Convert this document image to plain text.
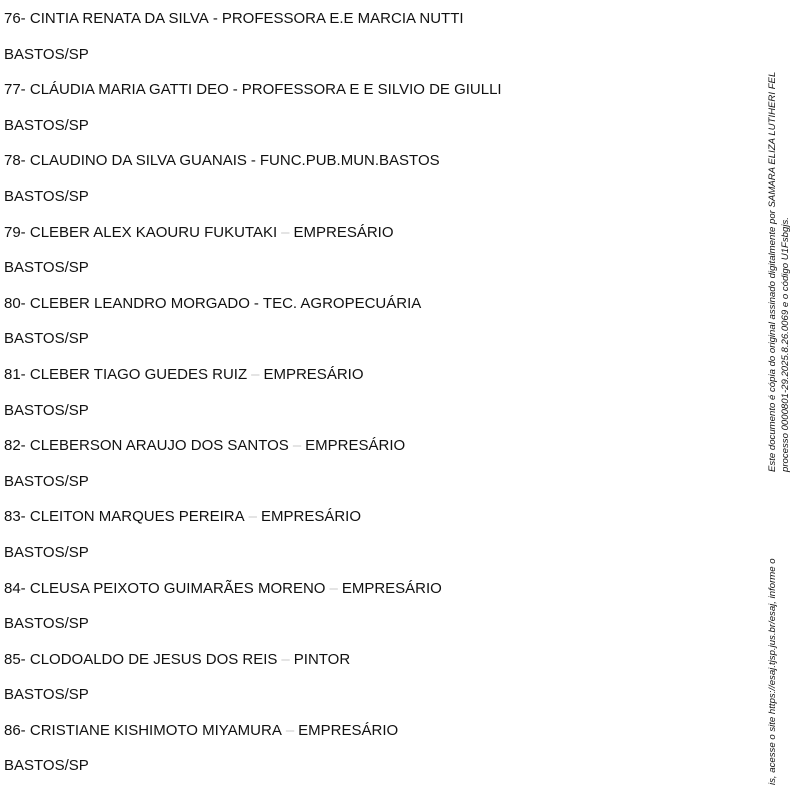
76- CINTIA RENATA DA SILVA - PROFESSORA E.E MARCIA NUTTI
BASTOS/SP
77- CLÁUDIA MARIA GATTI DEO - PROFESSORA E E SILVIO DE GIULLI
BASTOS/SP
78- CLAUDINO DA SILVA GUANAIS - FUNC.PUB.MUN.BASTOS
BASTOS/SP
79- CLEBER ALEX KAOURU FUKUTAKI – EMPRESÁRIO
BASTOS/SP
80- CLEBER LEANDRO MORGADO - TEC. AGROPECUÁRIA
BASTOS/SP
81- CLEBER TIAGO GUEDES RUIZ – EMPRESÁRIO
BASTOS/SP
82- CLEBERSON ARAUJO DOS SANTOS – EMPRESÁRIO
BASTOS/SP
83- CLEITON MARQUES PEREIRA – EMPRESÁRIO
BASTOS/SP
84- CLEUSA PEIXOTO GUIMARÃES MORENO – EMPRESÁRIO
BASTOS/SP
85- CLODOALDO DE JESUS DOS REIS – PINTOR
BASTOS/SP
86- CRISTIANE KISHIMOTO MIYAMURA – EMPRESÁRIO
BASTOS/SP
Este documento é cópia do original assinado digitalmente por SAMARA ELIZA LUTIHERI FEL processo 0000801-29.2025.8.26.0069 e o código U1Fsbgjs.
is, acesse o site https://esaj.tjsp.jus.br/esaj, informe o
